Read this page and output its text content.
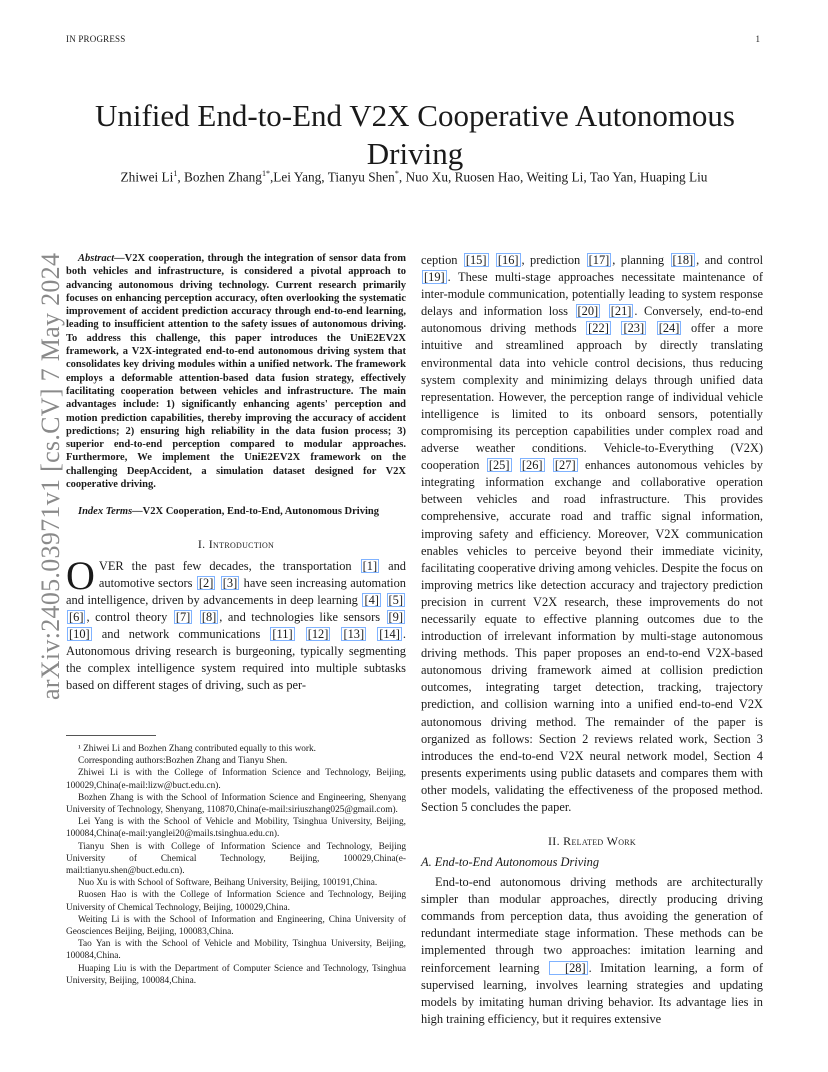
IN PROGRESS	1
arXiv:2405.03971v1 [cs.CV] 7 May 2024
Unified End-to-End V2X Cooperative Autonomous Driving
Zhiwei Li$^1$, Bozhen Zhang$^{1*}$,Lei Yang, Tianyu Shen*, Nuo Xu, Ruosen Hao, Weiting Li, Tao Yan, Huaping Liu

Abstract—V2X cooperation, through the integration of sensor data from both vehicles and infrastructure, is considered a pivotal approach to advancing autonomous driving technology. Current research primarily focuses on enhancing perception accuracy, often overlooking the systematic improvement of accident prediction accuracy through end-to-end learning, leading to insufficient attention to the safety issues of autonomous driving. To address this challenge, this paper introduces the UniE2EV2X framework, a V2X-integrated end-to-end autonomous driving system that consolidates key driving modules within a unified network. The framework employs a deformable attention-based data fusion strategy, effectively facilitating cooperation between vehicles and infrastructure. The main advantages include: 1) significantly enhancing agents' perception and motion prediction capabilities, thereby improving the accuracy of accident predictions; 2) ensuring high reliability in the data fusion process; 3) superior end-to-end perception compared to modular approaches. Furthermore, We implement the UniE2EV2X framework on the challenging DeepAccident, a simulation dataset designed for V2X cooperative driving.

Index Terms—V2X Cooperation, End-to-End, Autonomous Driving

I. Introduction

OVER the past few decades, the transportation [1] and automotive sectors [2] [3] have seen increasing automation and intelligence, driven by advancements in deep learning [4] [5] [6] , control theory [7] [8] , and technologies like sensors [9] [10] and network communications [11] [12] [13] [14] . Autonomous driving research is burgeoning, typically segmenting the complex intelligence system required into multiple subtasks based on different stages of driving, such as per-

¹ Zhiwei Li and Bozhen Zhang contributed equally to this work.

Corresponding authors:Bozhen Zhang and Tianyu Shen.

Zhiwei Li is with the College of Information Science and Technology, Beijing, 100029,China(e-mail:lizw@buct.edu.cn).

Bozhen Zhang is with the School of Information Science and Engineering, Shenyang University of Technology, Shenyang, 110870,China(e-mail:siriuszhang025@gmail.com).

Lei Yang is with the School of Vehicle and Mobility, Tsinghua University, Beijing, 100084,China(e-mail:yanglei20@mails.tsinghua.edu.cn).

Tianyu Shen is with College of Information Science and Technology, Beijing University of Chemical Technology, Beijing, 100029,China(e-mail:tianyu.shen@buct.edu.cn).

Nuo Xu is with School of Software, Beihang University, Beijing, 100191,China.

Ruosen Hao is with the College of Information Science and Technology, Beijing University of Chemical Technology, Beijing, 100029,China.

Weiting Li is with the School of Information and Engineering, China University of Geosciences Beijing, Beijing, 100083,China.

Tao Yan is with the School of Vehicle and Mobility, Tsinghua University, Beijing, 100084,China.

Huaping Liu is with the Department of Computer Science and Technology, Tsinghua University, Beijing, 100084,China.

ception [15] [16] , prediction [17] , planning [18] , and control [19] . These multi-stage approaches necessitate maintenance of inter-module communication, potentially leading to system response delays and information loss [20] [21] . Conversely, end-to-end autonomous driving methods [22] [23] [24] offer a more intuitive and streamlined approach by directly translating environmental data into vehicle control decisions, thus reducing system complexity and minimizing delays through unified data representation. However, the perception range of individual vehicle intelligence is limited to its onboard sensors, potentially compromising its perception capabilities under complex road and adverse weather conditions. Vehicle-to-Everything (V2X) cooperation [25] [26] [27] enhances autonomous vehicles by integrating information exchange and collaborative operation between vehicles and road infrastructure. This provides comprehensive, accurate road and traffic signal information, improving safety and efficiency. Moreover, V2X communication enables vehicles to perceive beyond their immediate vicinity, facilitating cooperative driving among vehicles. Despite the focus on improving metrics like detection accuracy and trajectory prediction precision in current V2X research, these improvements do not necessarily equate to effective planning outcomes due to the introduction of irrelevant information by multi-stage autonomous driving methods. This paper proposes an end-to-end V2X-based autonomous driving framework aimed at collision prediction outcomes, integrating target detection, tracking, trajectory prediction, and collision warning into a unified end-to-end V2X autonomous driving method. The remainder of the paper is organized as follows: Section 2 reviews related work, Section 3 introduces the end-to-end V2X neural network model, Section 4 presents experiments using public datasets and compares them with other models, validating the effectiveness of the proposed method. Section 5 concludes the paper.

II. Related Work
A. End-to-End Autonomous Driving

End-to-end autonomous driving methods are architecturally simpler than modular approaches, directly producing driving commands from perception data, thus avoiding the generation of redundant intermediate stage information. These methods can be implemented through two approaches: imitation learning and reinforcement learning [28] . Imitation learning, a form of supervised learning, involves learning strategies and updating models by imitating human driving behavior. Its advantage lies in high training efficiency, but it requires extensive
